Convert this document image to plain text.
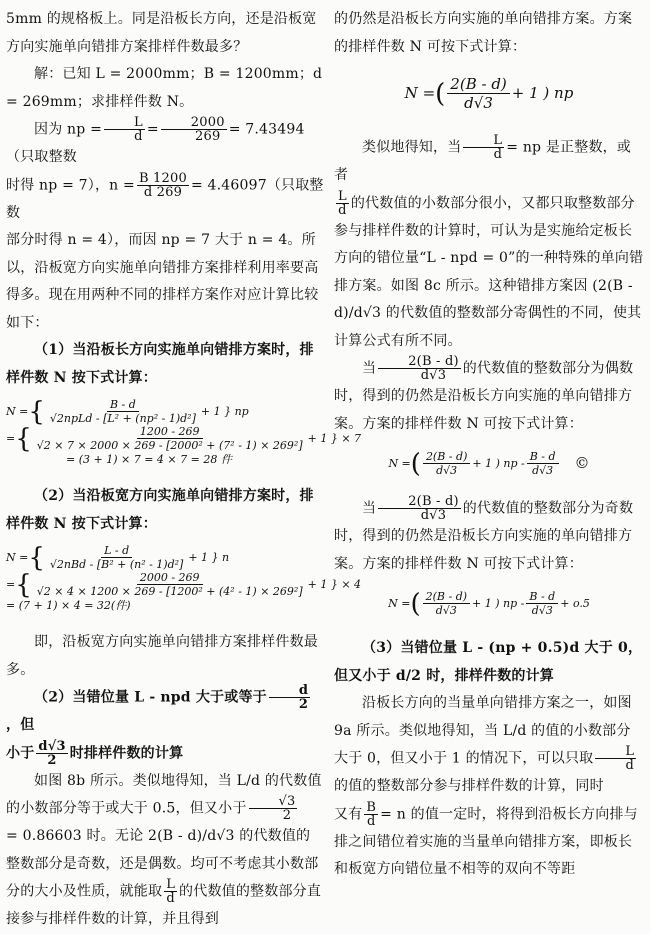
5mm 的规格板上。同是沿板长方向，还是沿板宽方向实施单向错排方案排样件数最多？

解：已知 L = 2000mm；B = 1200mm；d = 269mm；求排样件数 N。

因为 np = $\frac{L}{d} = \frac{2000}{269} = 7.43494$（只取整数

时得 np = 7），$n = \frac{B 1200}{d 269} = 4.46097$（只取整数

部分时得 n = 4），而因 np = 7 大于 n = 4。所以，沿板宽方向实施单向错排方案排样利用率要高得多。现在用两种不同的排样方案作对应计算比较如下：

（1）当沿板长方向实施单向错排方案时，排样件数 N 按下式计算：

N = { $\frac{B - d}{\text{√2npLd - [L² + (np² - 1)d²]}} + 1$ } np
= { $\frac{1200 - 269}{\text{√2 × 7 × 2000 × 269 - [2000² + (7² - 1) × 269²]}} + 1$ } × 7
= (3 + 1) × 7 = 4 × 7 = 28 件

（2）当沿板宽方向实施单向错排方案时，排样件数 N 按下式计算：

N = { $\frac{L - d}{\text{√2nBd - [B² + (n² - 1)d²]}} + 1$ } n
= { $\frac{2000 - 269}{\text{√2 × 4 × 1200 × 269 - [1200² + (4² - 1) × 269²]}} + 1$ } × 4
= (7 + 1) × 4 = 32(件)

即，沿板宽方向实施单向错排方案排样件数最多。

（2）当错位量 L - npd 大于或等于 $\frac{d}{2}$
，但

小于 $\frac{d√3}{2}$ 时排样件数的计算

如图 8b 所示。类似地得知，当 L/d 的代数值的小数部分等于或大于 0.5，但又小于 $\frac{√3}{2}$

= 0.86603 时。无论 2(B - d)/d√3 的代数值的整数部分是奇数，还是偶数。均可不考虑其小数部分的大小及性质，就能取 $\frac{L}{d}$ 的代数值的整数部分直接参与排样件数的计算，并且得到

的仍然是沿板长方向实施的单向错排方案。方案的排样件数 N 可按下式计算：

N = ( $\frac{2(B - d)}{d√3} + 1$ ) np

类似地得知，当 $\frac{L}{d}$ = np 是正整数，或者

$\frac{L}{d}$ 的代数值的小数部分很小，又都只取整数部分参与排样件数的计算时，可认为是实施给定板长方向的错位量“L - npd = 0”的一种特殊的单向错排方案。如图 8c 所示。这种错排方案因 (2(B - d)/d√3 的代数值的整数部分寄偶性的不同，使其计算公式有所不同。

当 $\frac{2(B - d)}{d√3}$ 的代数值的整数部分为偶数时，得到的仍然是沿板长方向实施的单向错排方案。方案的排样件数 N 可按下式计算：

N = ( $\frac{2(B - d)}{d√3} + 1$ ) np - $\frac{B - d}{d√3}$ ©

当 $\frac{2(B - d)}{d√3}$ 的代数值的整数部分为奇数时，得到的仍然是沿板长方向实施的单向错排方案。方案的排样件数 N 可按下式计算：

N = ( $\frac{2(B - d)}{d√3} + 1$ ) np - $\frac{B - d}{d√3} + o.5$

（3）当错位量 L - (np + 0.5)d 大于 0，但又小于 d/2 时，排样件数的计算

沿板长方向的当量单向错排方案之一，如图 9a 所示。类似地得知，当 L/d 的值的小数部分大于 0，但又小于 1 的情况下，可以只取 $\frac{L}{d}$
的值的整数部分参与排样件数的计算，同时

又有 $\frac{B}{d} = n$ 的值一定时，将得到沿板长方向排与排之间错位着实施的当量单向错排方案，即板长和板宽方向错位量不相等的双向不等距
